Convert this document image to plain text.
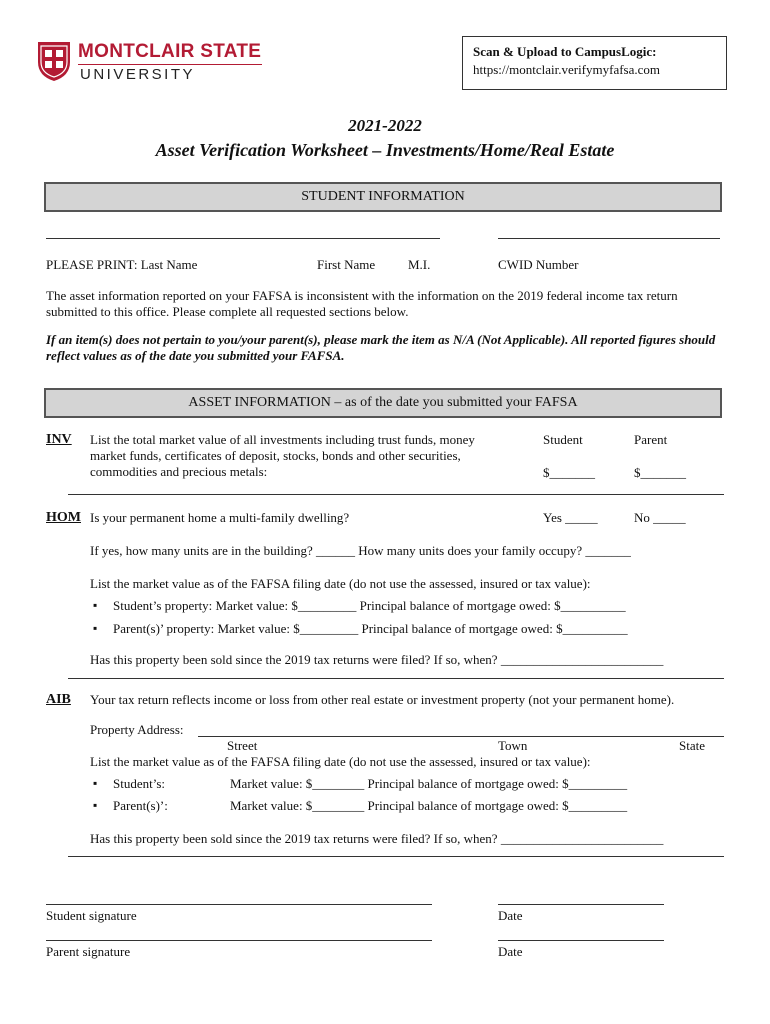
MONTCLAIR STATE
UNIVERSITY
Scan & Upload to CampusLogic:
https://montclair.verifymyfafsa.com
2021-2022
Asset Verification Worksheet – Investments/Home/Real Estate
STUDENT INFORMATION
PLEASE PRINT: Last Name	First Name	M.I.	CWID Number
The asset information reported on your FAFSA is inconsistent with the information on the 2019 federal income tax return submitted to this office. Please complete all requested sections below.
If an item(s) does not pertain to you/your parent(s), please mark the item as N/A (Not Applicable). All reported figures should reflect values as of the date you submitted your FAFSA.
ASSET INFORMATION – as of the date you submitted your FAFSA
INV List the total market value of all investments including trust funds, money market funds, certificates of deposit, stocks, bonds and other securities, commodities and precious metals:
Student	Parent
$_______	$_______
HOM Is your permanent home a multi-family dwelling?	Yes _____	No _____
If yes, how many units are in the building? ______ How many units does your family occupy? _______
List the market value as of the FAFSA filing date (do not use the assessed, insured or tax value):
▪ Student’s property: Market value: $_________ Principal balance of mortgage owed: $__________
▪ Parent(s)’ property: Market value: $_________ Principal balance of mortgage owed: $__________
Has this property been sold since the 2019 tax returns were filed? If so, when? _________________________
AIB Your tax return reflects income or loss from other real estate or investment property (not your permanent home).
Property Address:
Street	Town	State
List the market value as of the FAFSA filing date (do not use the assessed, insured or tax value):
▪ Student’s:	Market value: $________ Principal balance of mortgage owed: $_________
▪ Parent(s)’:	Market value: $________ Principal balance of mortgage owed: $_________
Has this property been sold since the 2019 tax returns were filed? If so, when? _________________________
Student signature	Date
Parent signature	Date
